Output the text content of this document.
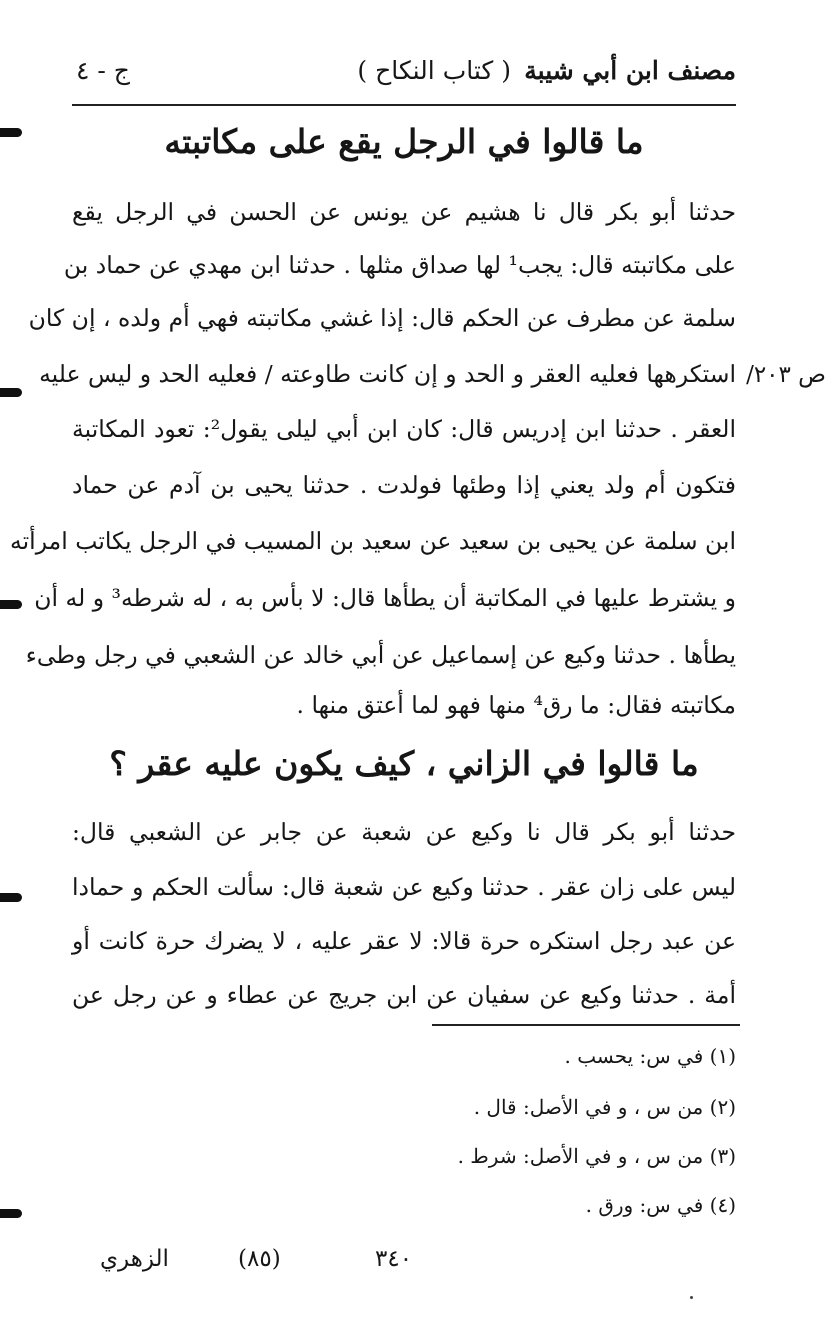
مصنف ابن أبي شيبة
( كتاب النكاح )
ج - ٤
ما قالوا في الرجل يقع على مكاتبته
حدثنا أبو بكر قال نا هشيم عن يونس عن الحسن في الرجل يقع
على مكاتبته قال: يجب¹ لها صداق مثلها . حدثنا ابن مهدي عن حماد بن
سلمة عن مطرف عن الحكم قال: إذا غشي مكاتبته فهي أم ولده ، إن كان
استكرهها فعليه العقر و الحد و إن كانت طاوعته / فعليه الحد و ليس عليه
العقر . حدثنا ابن إدريس قال: كان ابن أبي ليلى يقول²: تعود المكاتبة
فتكون أم ولد يعني إذا وطئها فولدت . حدثنا يحيى بن آدم عن حماد
ابن سلمة عن يحيى بن سعيد عن سعيد بن المسيب في الرجل يكاتب امرأته
و يشترط عليها في المكاتبة أن يطأها قال: لا بأس به ، له شرطه³ و له أن
يطأها . حدثنا وكيع عن إسماعيل عن أبي خالد عن الشعبي في رجل وطىء
مكاتبته فقال: ما رق⁴ منها فهو لما أعتق منها .
ما قالوا في الزاني ، كيف يكون عليه عقر ؟
حدثنا أبو بكر قال نا وكيع عن شعبة عن جابر عن الشعبي قال:
ليس على زان عقر . حدثنا وكيع عن شعبة قال: سألت الحكم و حمادا
عن عبد رجل استكره حرة قالا: لا عقر عليه ، لا يضرك حرة كانت أو
أمة . حدثنا وكيع عن سفيان عن ابن جريج عن عطاء و عن رجل عن
ص ٢٠٣/
(١) في س: يحسب .
(٢) من س ، و في الأصل: قال .
(٣) من س ، و في الأصل: شرط .
(٤) في س: ورق .
٣٤٠
(٨٥)
الزهري
